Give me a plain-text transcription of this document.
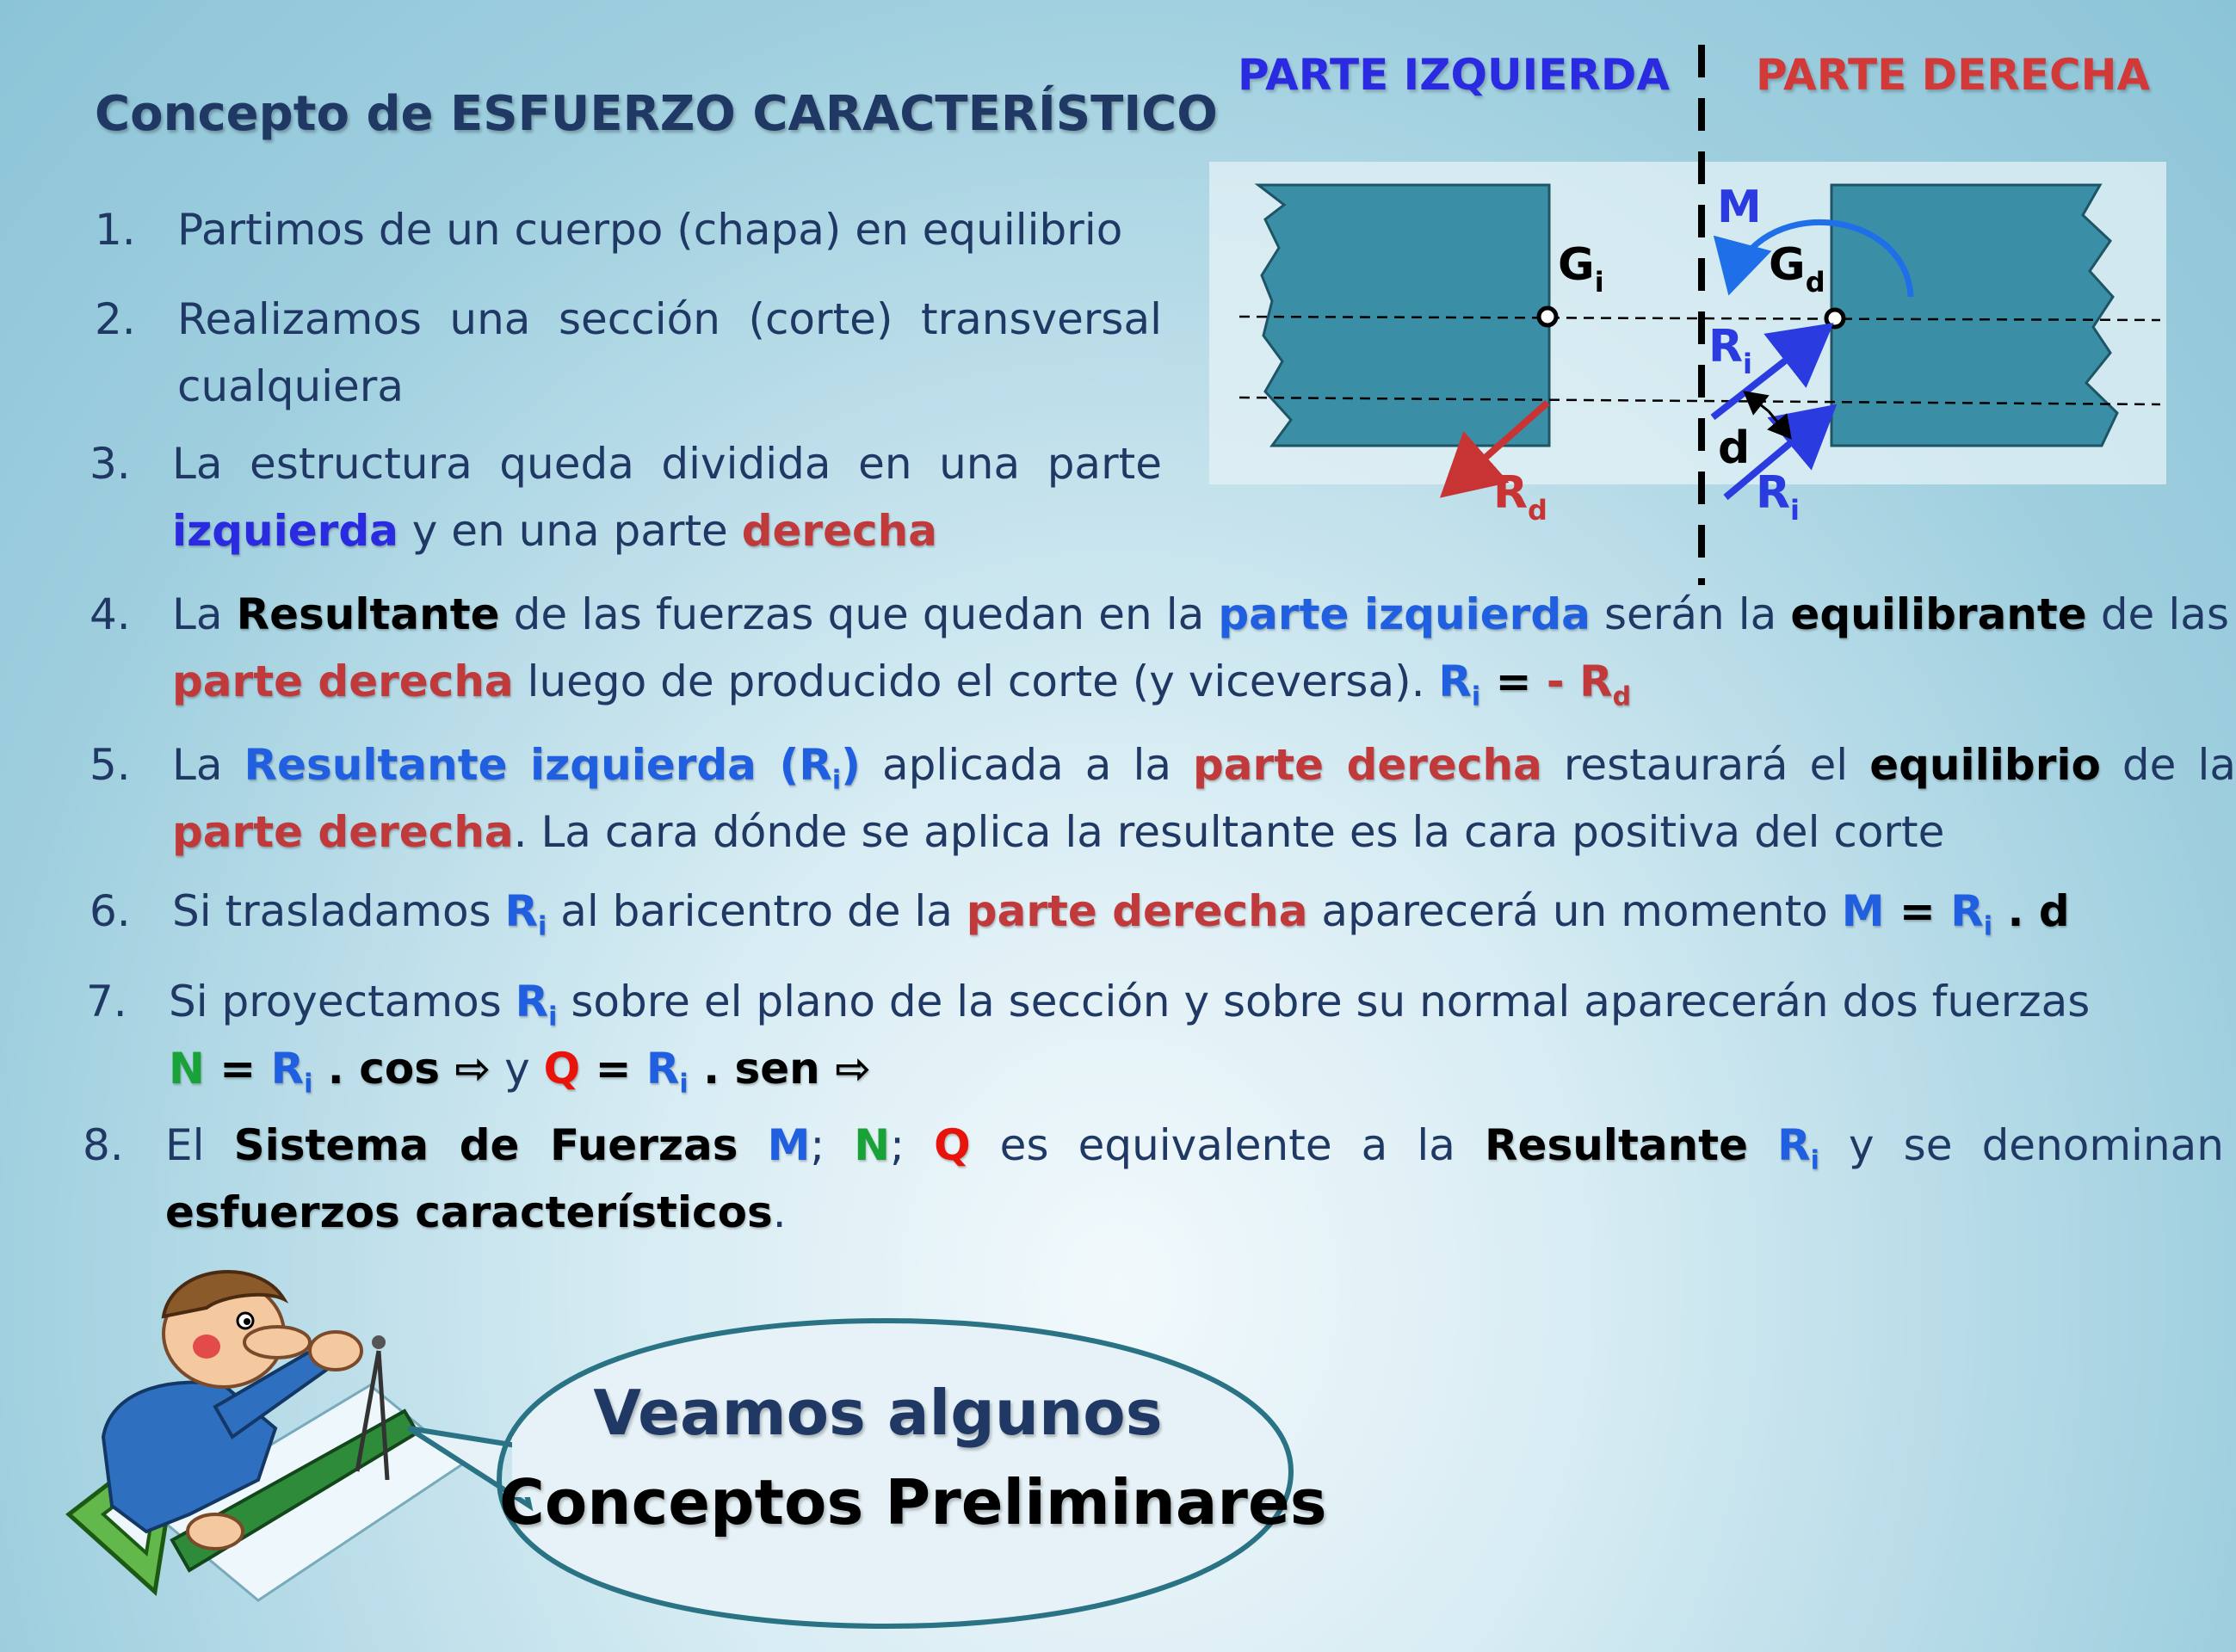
Concepto de ESFUERZO CARACTERÍSTICO
PARTE IZQUIERDA PARTE DERECHA
$G_i$	$G_d$
M
$R_i$
$R_i$
d
$R_d$
1. Partimos de un cuerpo (chapa) en equilibrio
2. Realizamos una sección (corte) transversal cualquiera
3. La estructura queda dividida en una parte izquierda y en una parte derecha
4. La Resultante de las fuerzas que quedan en la parte izquierda serán la equilibrante de las parte derecha luego de producido el corte (y viceversa). $R_i$ = - $R_d$
5. La Resultante izquierda $(R_i)$ aplicada a la parte derecha restaurará el equilibrio de la parte derecha. La cara dónde se aplica la resultante es la cara positiva del corte
6. Si trasladamos $R_i$ al baricentro de la parte derecha aparecerá un momento $M = R_i$ . d
7. Si proyectamos $R_i$ sobre el plano de la sección y sobre su normal aparecerán dos fuerzas
$N = R_i$ . cos ⇨ y $Q = R_i$ . sen ⇨
8. El Sistema de Fuerzas M; N; Q es equivalente a la Resultante $R_i$ y se denominan esfuerzos característicos.
Veamos algunos
Conceptos Preliminares
